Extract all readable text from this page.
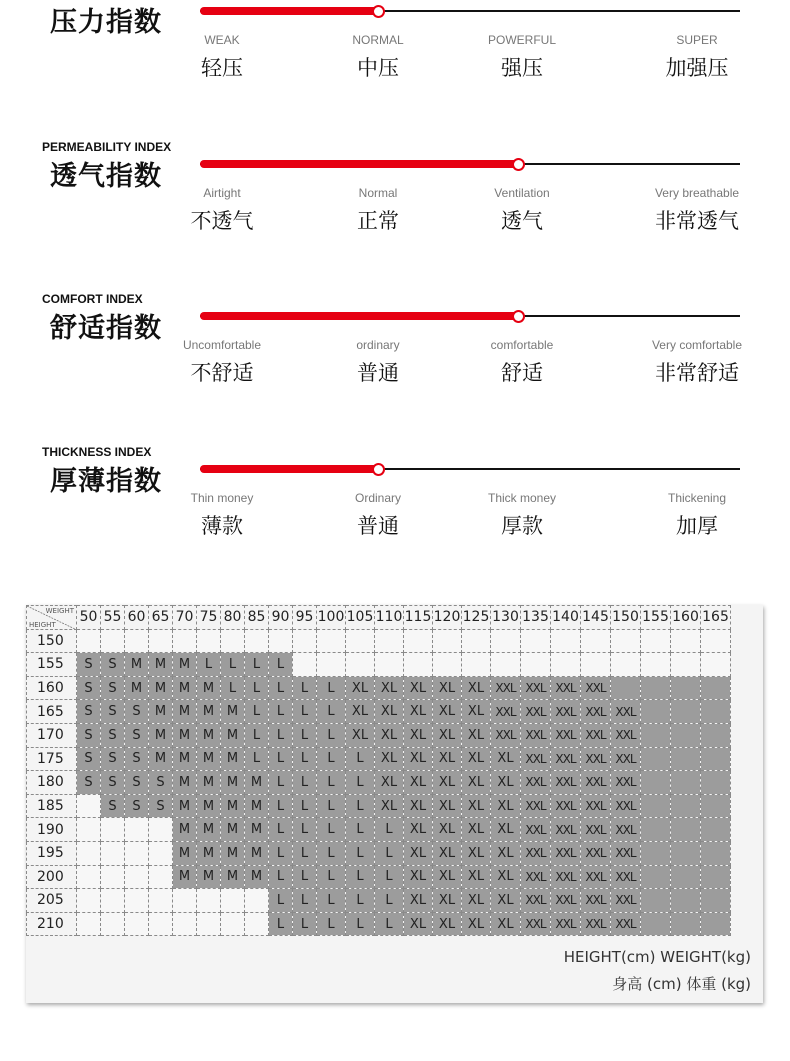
压力指数
WEAK
轻压
NORMAL
中压
POWERFUL
强压
SUPER
加强压
PERMEABILITY INDEX
透气指数
Airtight
不透气
Normal
正常
Ventilation
透气
Very breathable
非常透气
COMFORT INDEX
舒适指数
Uncomfortable
不舒适
ordinary
普通
comfortable
舒适
Very comfortable
非常舒适
THICKNESS INDEX
厚薄指数
Thin money
薄款
Ordinary
普通
Thick money
厚款
Thickening
加厚
WEIGHT
HEIGHT	50	55	60	65	70	75	80	85	90	95	100	105	110	115	120	125	130	135	140	145	150	155	160	165
150																								
155	S	S	M	M	M	L	L	L	L															
160	S	S	M	M	M	M	L	L	L	L	L	XL	XL	XL	XL	XL	XXL	XXL	XXL	XXL				
165	S	S	S	M	M	M	M	L	L	L	L	XL	XL	XL	XL	XL	XXL	XXL	XXL	XXL	XXL			
170	S	S	S	M	M	M	M	L	L	L	L	XL	XL	XL	XL	XL	XXL	XXL	XXL	XXL	XXL			
175	S	S	S	M	M	M	M	L	L	L	L	L	XL	XL	XL	XL	XL	XXL	XXL	XXL	XXL			
180	S	S	S	S	M	M	M	M	L	L	L	L	XL	XL	XL	XL	XL	XXL	XXL	XXL	XXL			
185		S	S	S	M	M	M	M	L	L	L	L	XL	XL	XL	XL	XL	XXL	XXL	XXL	XXL			
190					M	M	M	M	L	L	L	L	L	XL	XL	XL	XL	XXL	XXL	XXL	XXL			
195					M	M	M	M	L	L	L	L	L	XL	XL	XL	XL	XXL	XXL	XXL	XXL			
200					M	M	M	M	L	L	L	L	L	XL	XL	XL	XL	XXL	XXL	XXL	XXL			
205									L	L	L	L	L	XL	XL	XL	XL	XXL	XXL	XXL	XXL			
210									L	L	L	L	L	XL	XL	XL	XL	XXL	XXL	XXL	XXL			
HEIGHT(cm) WEIGHT(kg)
身高 (cm) 体重 (kg)
